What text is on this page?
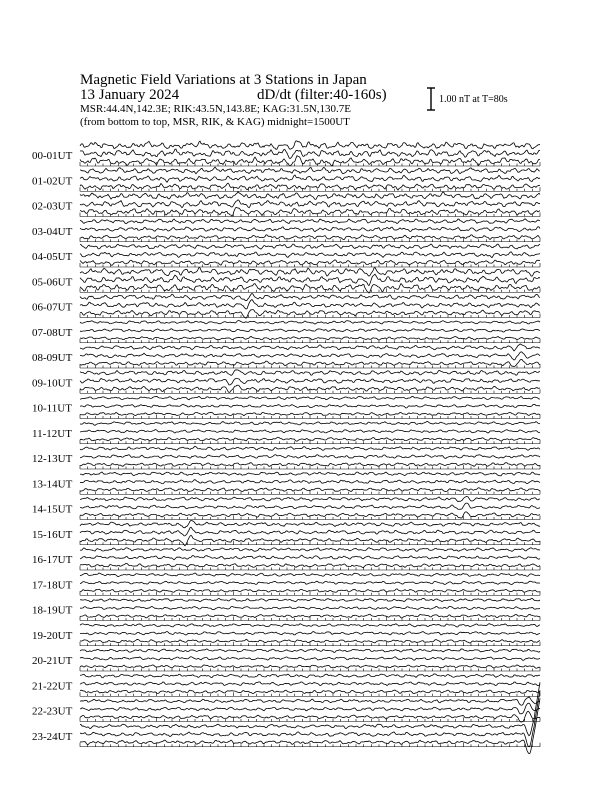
Magnetic Field Variations at 3 Stations in Japan
13 January 2024	dD/dt (filter:40-160s)
MSR:44.4N,142.3E; RIK:43.5N,143.8E; KAG:31.5N,130.7E
(from bottom to top, MSR, RIK, & KAG) midnight=1500UT
1.00 nT at T=80s
00-01UT
01-02UT
02-03UT
03-04UT
04-05UT
05-06UT
06-07UT
07-08UT
08-09UT
09-10UT
10-11UT
11-12UT
12-13UT
13-14UT
14-15UT
15-16UT
16-17UT
17-18UT
18-19UT
19-20UT
20-21UT
21-22UT
22-23UT
23-24UT
